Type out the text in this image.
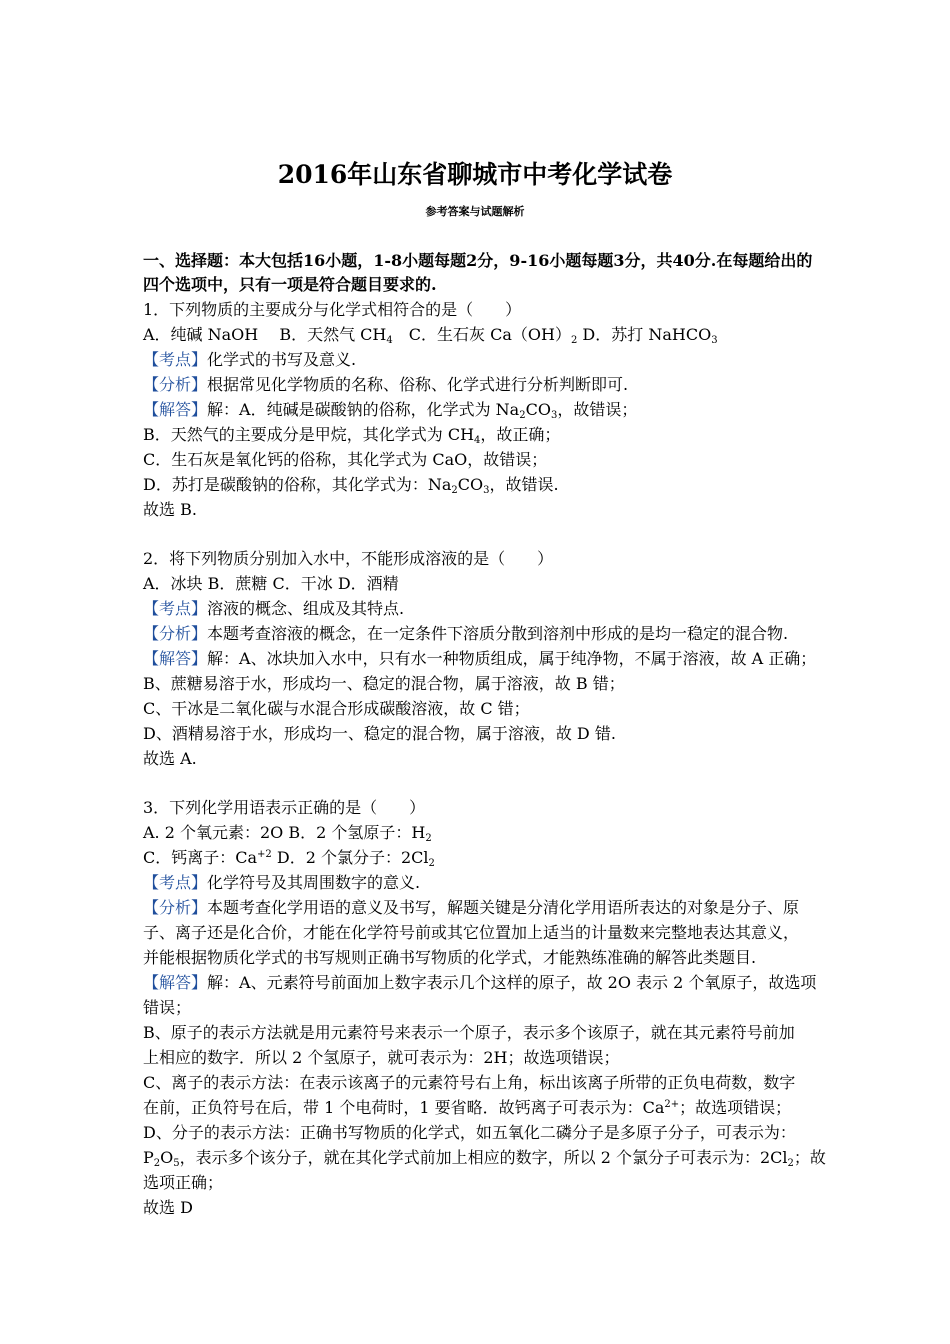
2016年山东省聊城市中考化学试卷
参考答案与试题解析
一、选择题：本大包括16小题，1-8小题每题2分，9-16小题每题3分，共40分.在每题给出的
四个选项中，只有一项是符合题目要求的.
1．下列物质的主要成分与化学式相符合的是（　　）
A．纯碱 NaOH　 B．天然气 $CH_4$　C．生石灰 $Ca(OH)_2$ D．苏打 NaHCO$_3$
【考点】化学式的书写及意义.
【分析】根据常见化学物质的名称、俗称、化学式进行分析判断即可.
【解答】解：A．纯碱是碳酸钠的俗称，化学式为 $Na_2CO_3$，故错误；
B．天然气的主要成分是甲烷，其化学式为 $CH_4$，故正确；
C．生石灰是氧化钙的俗称，其化学式为 CaO，故错误；
D．苏打是碳酸钠的俗称，其化学式为：$Na_2CO_3$，故错误.
故选 B.
2．将下列物质分别加入水中，不能形成溶液的是（　　）
A．冰块 B．蔗糖 C．干冰 D．酒精
【考点】溶液的概念、组成及其特点.
【分析】本题考查溶液的概念，在一定条件下溶质分散到溶剂中形成的是均一稳定的混合物.
【解答】解：A、冰块加入水中，只有水一种物质组成，属于纯净物，不属于溶液，故 A 正确；
B、蔗糖易溶于水，形成均一、稳定的混合物，属于溶液，故 B 错；
C、干冰是二氧化碳与水混合形成碳酸溶液，故 C 错；
D、酒精易溶于水，形成均一、稳定的混合物，属于溶液，故 D 错.
故选 A.
3．下列化学用语表示正确的是（　　）
A. 2 个氧元素：2O B．2 个氢原子：$H_2$
C．钙离子：$Ca^{+2}$ D．2 个氯分子：$2Cl_2$
【考点】化学符号及其周围数字的意义.
【分析】本题考查化学用语的意义及书写，解题关键是分清化学用语所表达的对象是分子、原
子、离子还是化合价，才能在化学符号前或其它位置加上适当的计量数来完整地表达其意义，
并能根据物质化学式的书写规则正确书写物质的化学式，才能熟练准确的解答此类题目.
【解答】解：A、元素符号前面加上数字表示几个这样的原子，故 2O 表示 2 个氧原子，故选项
错误；
B、原子的表示方法就是用元素符号来表示一个原子，表示多个该原子，就在其元素符号前加
上相应的数字．所以 2 个氢原子，就可表示为：2H；故选项错误；
C、离子的表示方法：在表示该离子的元素符号右上角，标出该离子所带的正负电荷数，数字
在前，正负符号在后，带 1 个电荷时，1 要省略．故钙离子可表示为：$Ca^{2+}$；故选项错误；
D、分子的表示方法：正确书写物质的化学式，如五氧化二磷分子是多原子分子，可表示为：
$P_2O_5$，表示多个该分子，就在其化学式前加上相应的数字，所以 2 个氯分子可表示为：$2Cl_2$；故
选项正确；
故选 D
